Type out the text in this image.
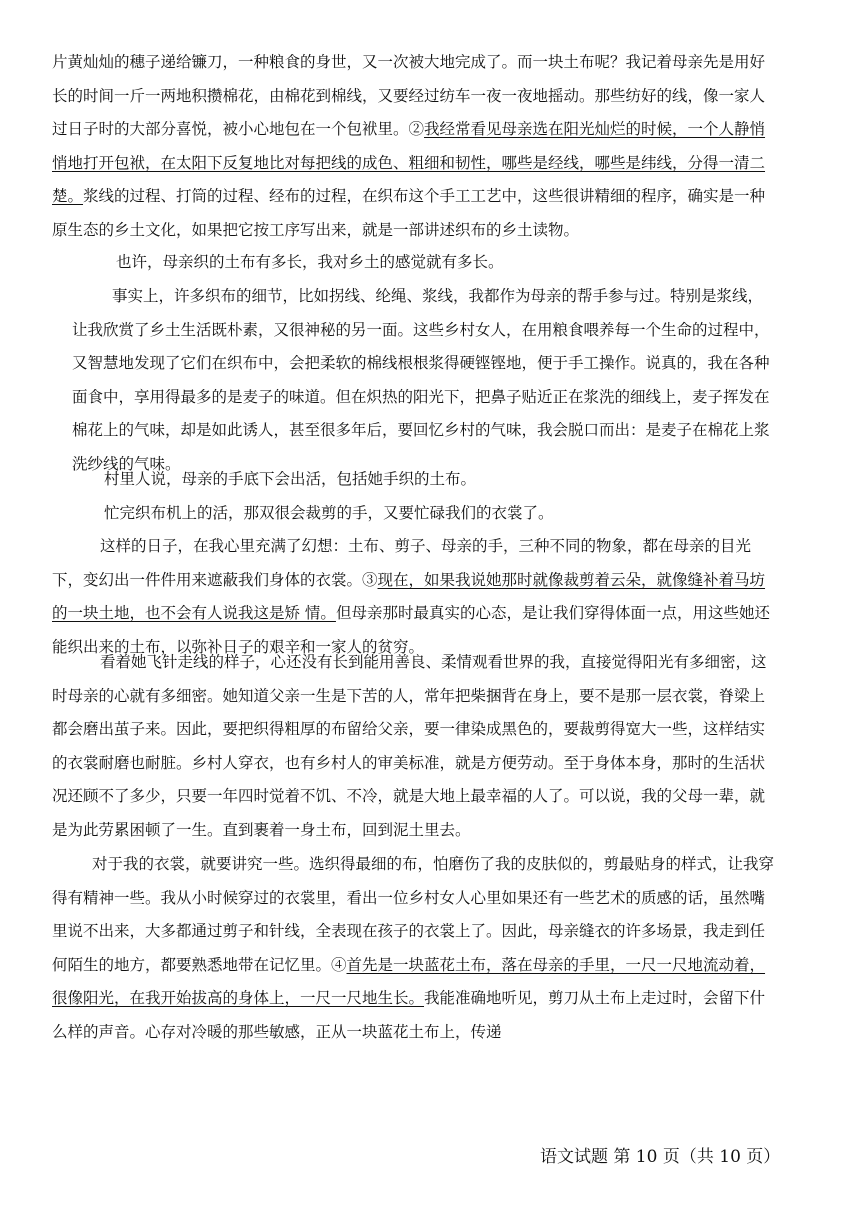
片黄灿灿的穗子递给镰刀，一种粮食的身世，又一次被大地完成了。而一块土布呢？我记着母亲先是用好长的时间一斤一两地积攒棉花，由棉花到棉线，又要经过纺车一夜一夜地摇动。那些纺好的线，像一家人过日子时的大部分喜悦，被小心地包在一个包袱里。②我经常看见母亲选在阳光灿烂的时候，一个人静悄悄地打开包袱，在太阳下反复地比对每把线的成色、粗细和韧性，哪些是经线，哪些是纬线，分得一清二楚。浆线的过程、打筒的过程、经布的过程，在织布这个手工工艺中，这些很讲精细的程序，确实是一种原生态的乡土文化，如果把它按工序写出来，就是一部讲述织布的乡土读物。

也许，母亲织的土布有多长，我对乡土的感觉就有多长。

事实上，许多织布的细节，比如拐线、纶绳、浆线，我都作为母亲的帮手参与过。特别是浆线，让我欣赏了乡土生活既朴素，又很神秘的另一面。这些乡村女人，在用粮食喂养每一个生命的过程中，又智慧地发现了它们在织布中，会把柔软的棉线根根浆得硬铿铿地，便于手工操作。说真的，我在各种面食中，享用得最多的是麦子的味道。但在炽热的阳光下，把鼻子贴近正在浆洗的细线上，麦子挥发在棉花上的气味，却是如此诱人，甚至很多年后，要回忆乡村的气味，我会脱口而出：是麦子在棉花上浆洗纱线的气味。

村里人说，母亲的手底下会出活，包括她手织的土布。

忙完织布机上的活，那双很会裁剪的手，又要忙碌我们的衣裳了。

这样的日子，在我心里充满了幻想：土布、剪子、母亲的手，三种不同的物象，都在母亲的目光下，变幻出一件件用来遮蔽我们身体的衣裳。③现在，如果我说她那时就像裁剪着云朵，就像缝补着马坊的一块土地，也不会有人说我这是矫 情。但母亲那时最真实的心态，是让我们穿得体面一点，用这些她还能织出来的土布，以弥补日子的艰辛和一家人的贫穷。

看着她飞针走线的样子，心还没有长到能用善良、柔情观看世界的我，直接觉得阳光有多细密，这时母亲的心就有多细密。她知道父亲一生是下苦的人，常年把柴捆背在身上，要不是那一层衣裳，脊梁上都会磨出茧子来。因此，要把织得粗厚的布留给父亲，要一律染成黑色的，要裁剪得宽大一些，这样结实的衣裳耐磨也耐脏。乡村人穿衣，也有乡村人的审美标准，就是方便劳动。至于身体本身，那时的生活状况还顾不了多少，只要一年四时觉着不饥、不冷，就是大地上最幸福的人了。可以说，我的父母一辈，就是为此劳累困顿了一生。直到裹着一身土布，回到泥土里去。

对于我的衣裳，就要讲究一些。选织得最细的布，怕磨伤了我的皮肤似的，剪最贴身的样式，让我穿得有精神一些。我从小时候穿过的衣裳里，看出一位乡村女人心里如果还有一些艺术的质感的话，虽然嘴里说不出来，大多都通过剪子和针线，全表现在孩子的衣裳上了。因此，母亲缝衣的许多场景，我走到任何陌生的地方，都要熟悉地带在记忆里。④首先是一块蓝花土布，落在母亲的手里，一尺一尺地流动着，很像阳光，在我开始拔高的身体上，一尺一尺地生长。我能准确地听见，剪刀从土布上走过时，会留下什么样的声音。心存对冷暖的那些敏感，正从一块蓝花土布上，传递

语文试题 第 10 页（共 10 页）
